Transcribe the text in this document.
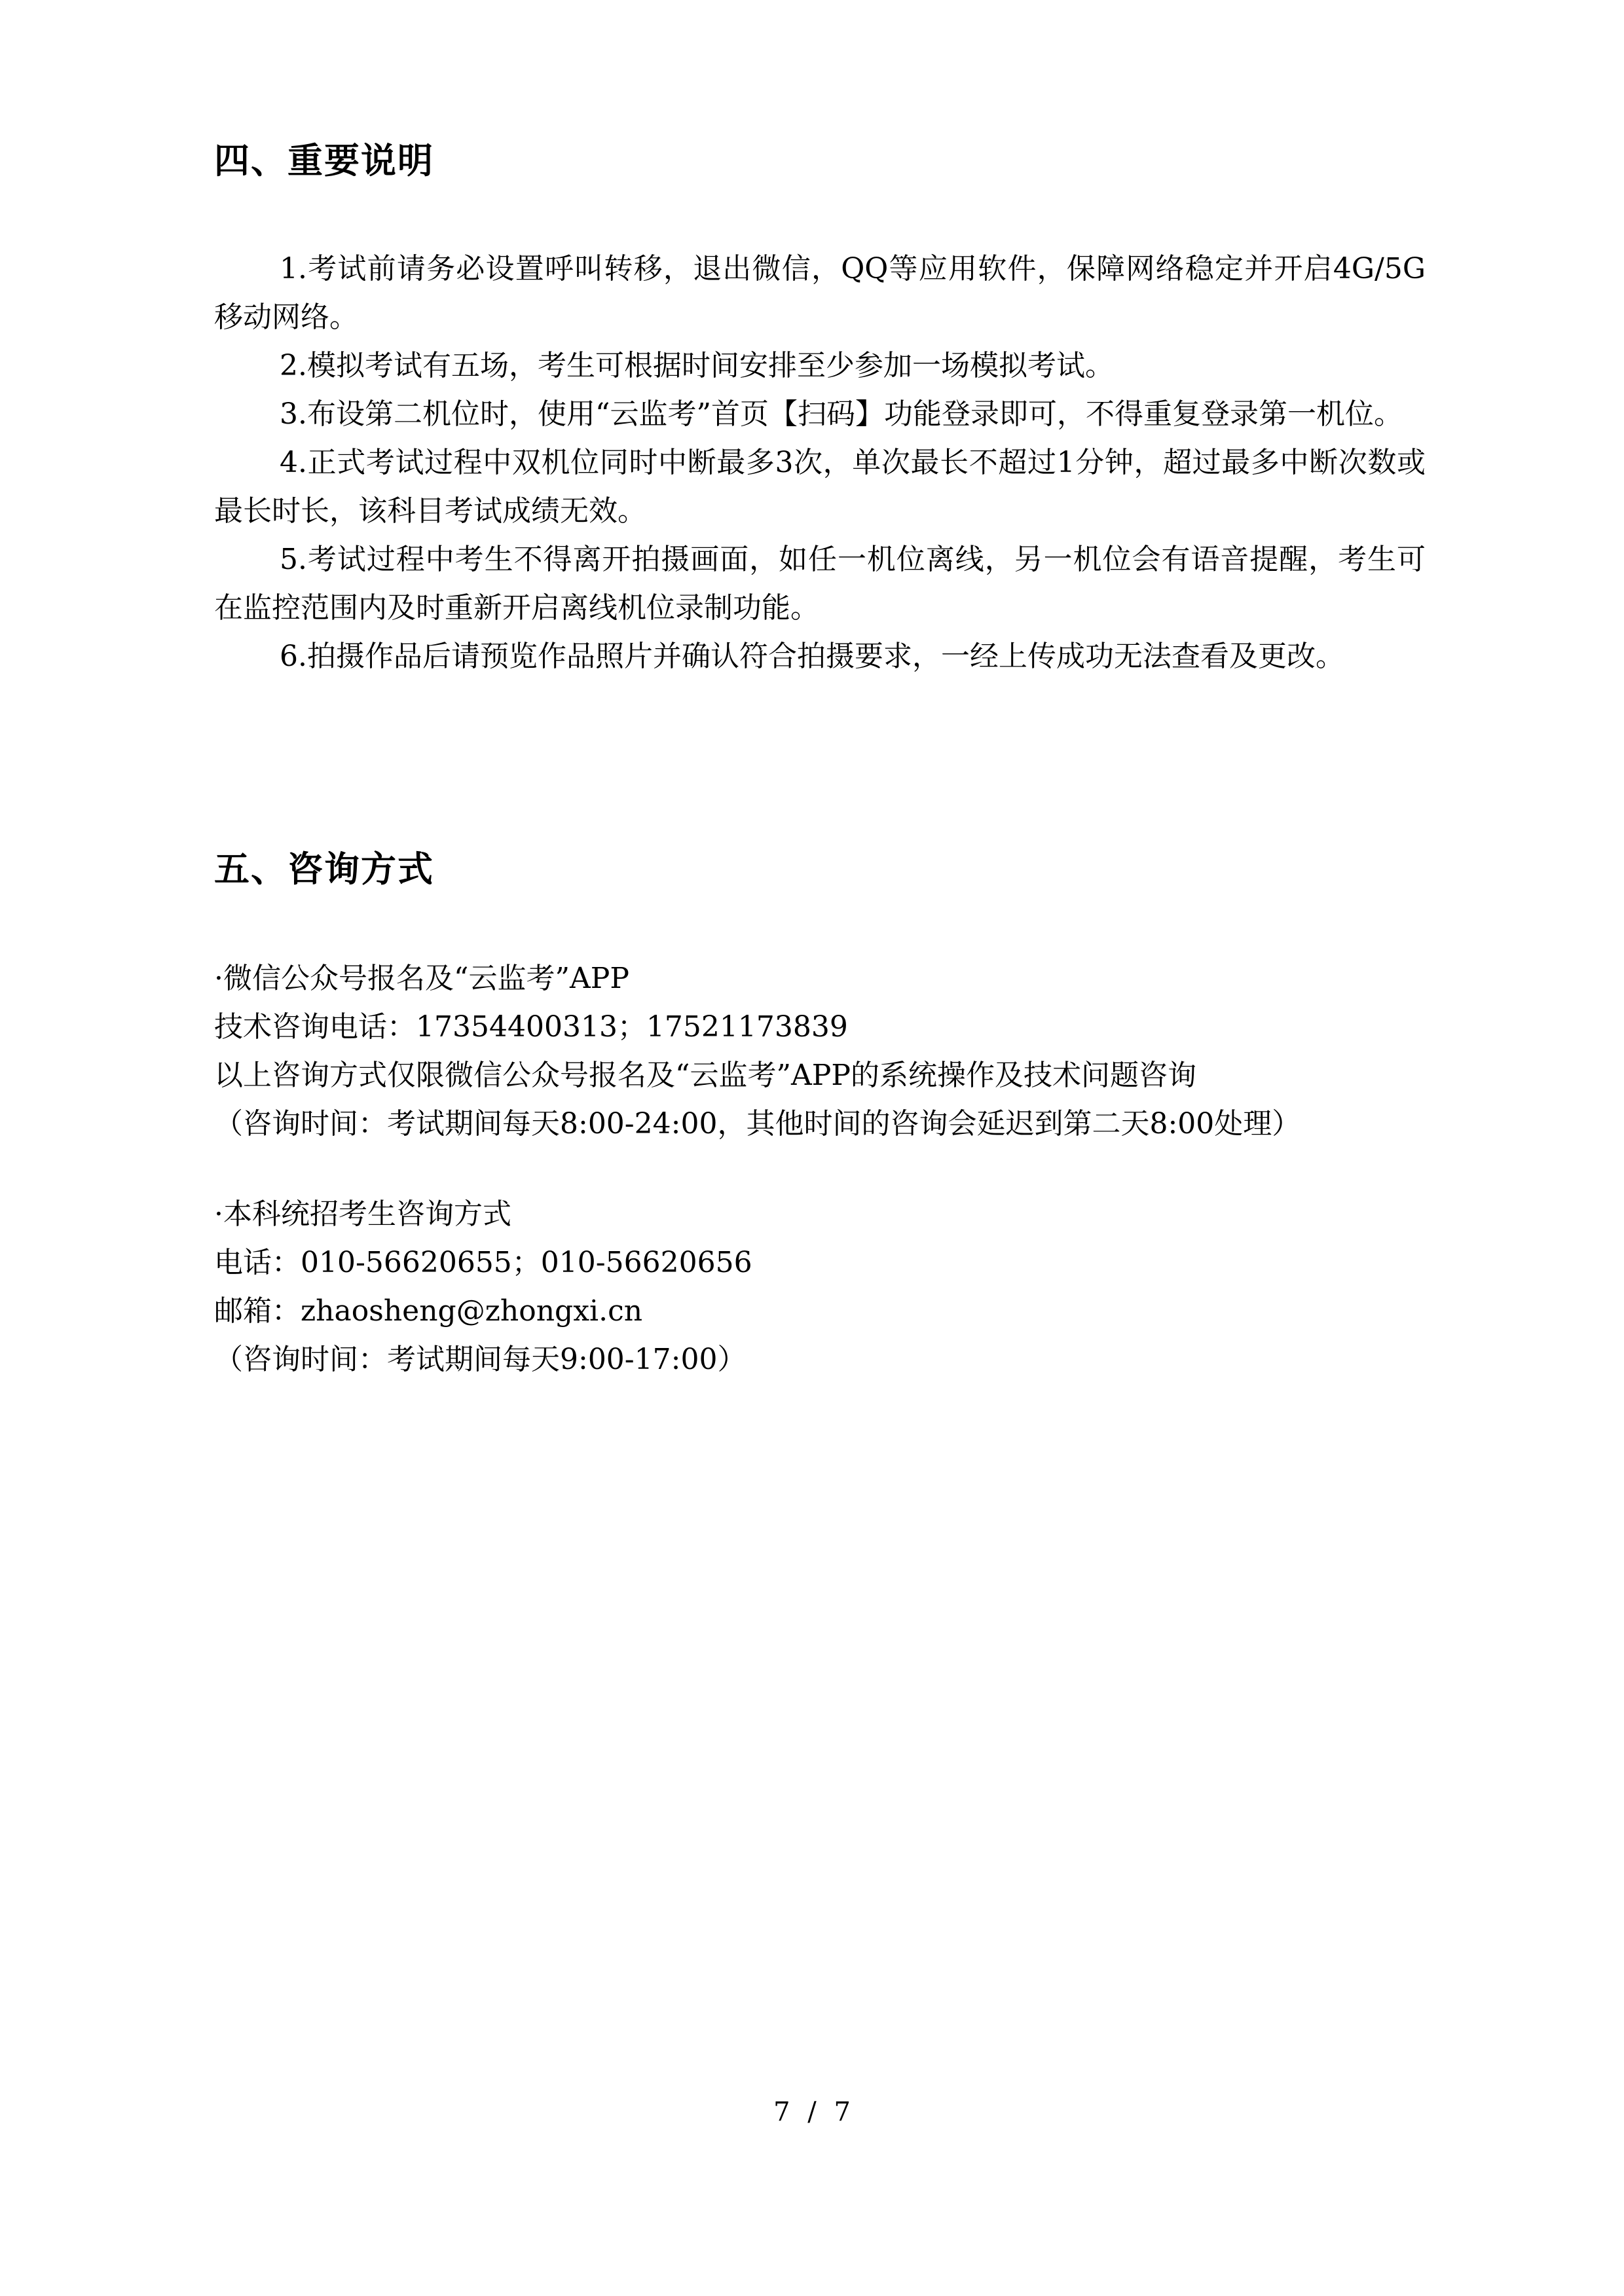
四、重要说明

1.考试前请务必设置呼叫转移，退出微信，QQ等应用软件，保障网络稳定并开启4G/5G移动网络。

2.模拟考试有五场，考生可根据时间安排至少参加一场模拟考试。

3.布设第二机位时，使用“云监考”首页【扫码】功能登录即可，不得重复登录第一机位。

4.正式考试过程中双机位同时中断最多3次，单次最长不超过1分钟，超过最多中断次数或最长时长，该科目考试成绩无效。

5.考试过程中考生不得离开拍摄画面，如任一机位离线，另一机位会有语音提醒，考生可在监控范围内及时重新开启离线机位录制功能。

6.拍摄作品后请预览作品照片并确认符合拍摄要求，一经上传成功无法查看及更改。

五、咨询方式
·微信公众号报名及“云监考”APP
技术咨询电话：17354400313；17521173839
以上咨询方式仅限微信公众号报名及“云监考”APP的系统操作及技术问题咨询
（咨询时间：考试期间每天8:00-24:00，其他时间的咨询会延迟到第二天8:00处理）
·本科统招考生咨询方式
电话：010-56620655；010-56620656
邮箱：zhaosheng@zhongxi.cn
（咨询时间：考试期间每天9:00-17:00）
7 / 7
